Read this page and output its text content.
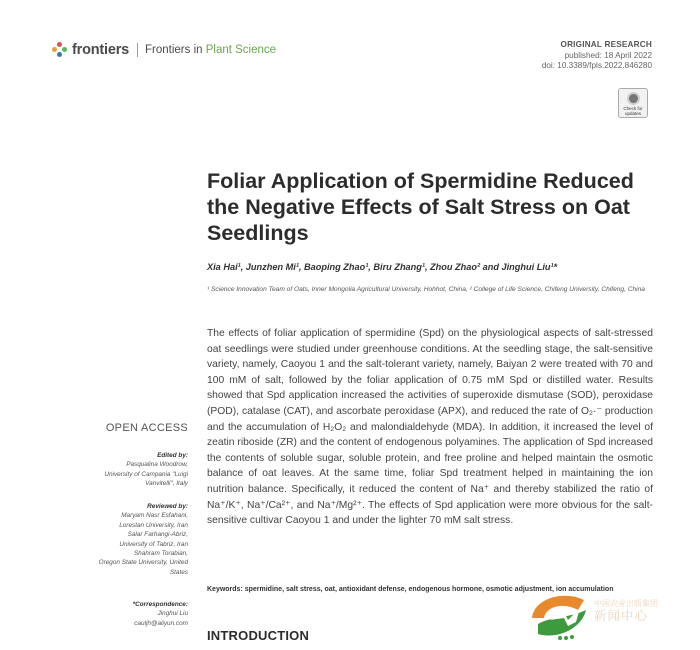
frontiers Frontiers in Plant Science	ORIGINAL RESEARCH
published: 18 April 2022
doi: 10.3389/fpls.2022.846280
Check for updates
Foliar Application of Spermidine Reduced the Negative Effects of Salt Stress on Oat Seedlings
Xia Hai¹, Junzhen Mi¹, Baoping Zhao¹, Biru Zhang¹, Zhou Zhao² and Jinghui Liu¹*
¹ Science Innovation Team of Oats, Inner Mongolia Agricultural University, Hohhot, China, ² College of Life Science, Chifeng University, Chifeng, China

The effects of foliar application of spermidine (Spd) on the physiological aspects of salt-stressed oat seedlings were studied under greenhouse conditions. At the seedling stage, the salt-sensitive variety, namely, Caoyou 1 and the salt-tolerant variety, namely, Baiyan 2 were treated with 70 and 100 mM of salt, followed by the foliar application of 0.75 mM Spd or distilled water. Results showed that Spd application increased the activities of superoxide dismutase (SOD), peroxidase (POD), catalase (CAT), and ascorbate peroxidase (APX), and reduced the rate of O₂·⁻ production and the accumulation of H₂O₂ and malondialdehyde (MDA). In addition, it increased the level of zeatin riboside (ZR) and the content of endogenous polyamines. The application of Spd increased the contents of soluble sugar, soluble protein, and free proline and helped maintain the osmotic balance of oat leaves. At the same time, foliar Spd treatment helped in maintaining the ion nutrition balance. Specifically, it reduced the content of Na⁺ and thereby stabilized the ratio of Na⁺/K⁺, Na⁺/Ca²⁺, and Na⁺/Mg²⁺. The effects of Spd application were more obvious for the salt-sensitive cultivar Caoyou 1 and under the lighter 70 mM salt stress.

OPEN ACCESS
Edited by:
Pasqualina Woodrow,
University of Campania "Luigi Vanvitelli", Italy
Reviewed by:
Maryam Nasr Esfahani,
Lorestan University, Iran
Salar Farhangi-Abriz,
University of Tabriz, Iran
Shahram Torabian,
Oregon State University, United States
*Correspondence:
Jinghui Liu
cauljh@aliyun.com
Keywords: spermidine, salt stress, oat, antioxidant defense, endogenous hormone, osmotic adjustment, ion accumulation
INTRODUCTION
中国农业出版集团
新闻中心
